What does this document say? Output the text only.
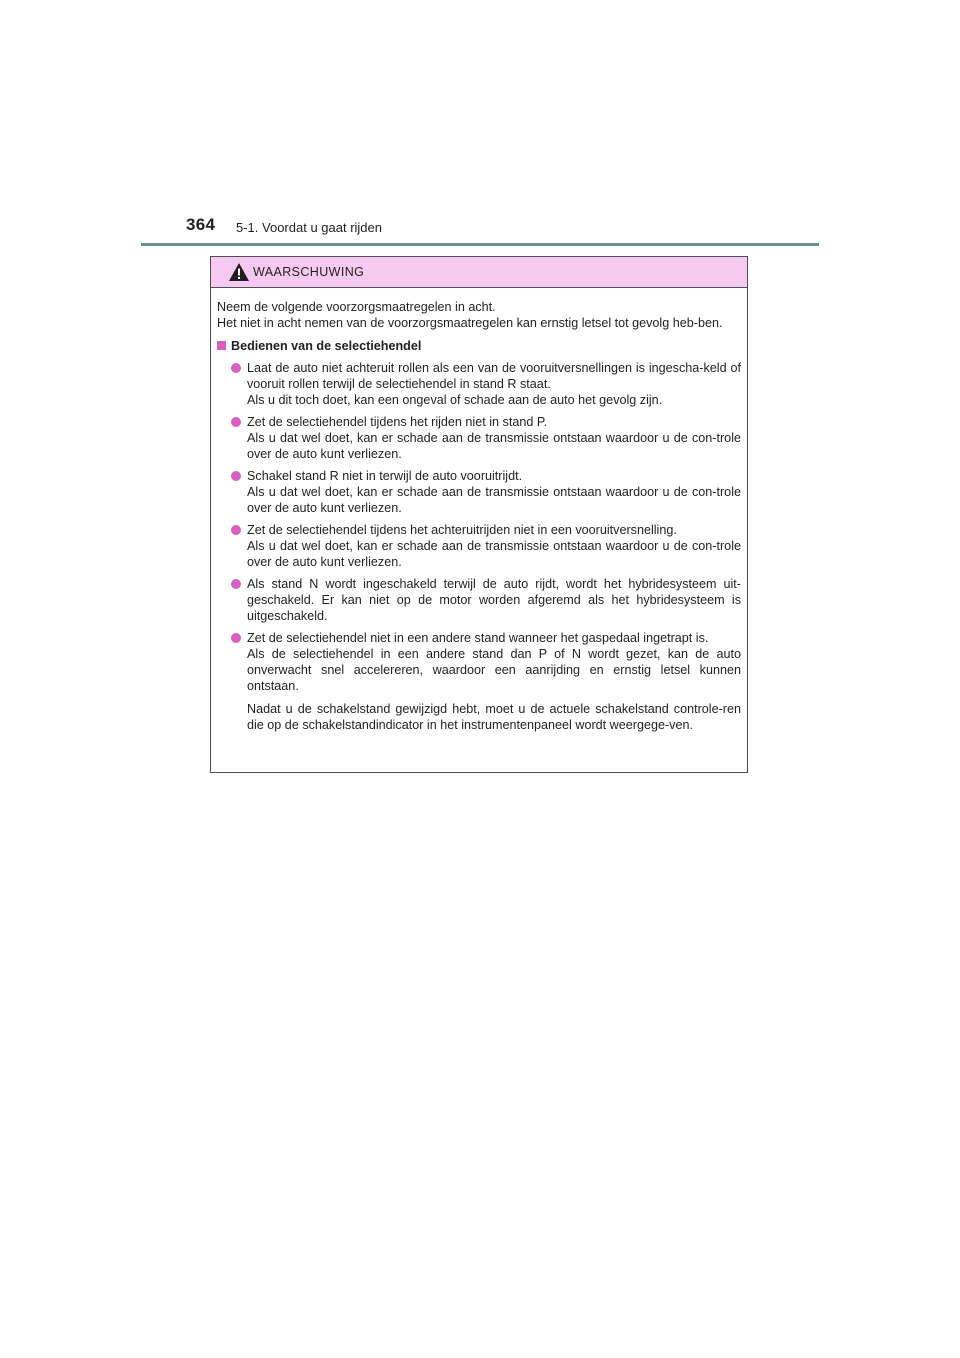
364 5-1. Voordat u gaat rijden
WAARSCHUWING

Neem de volgende voorzorgsmaatregelen in acht.

Het niet in acht nemen van de voorzorgsmaatregelen kan ernstig letsel tot gevolg heb-ben.

Bedienen van de selectiehendel

Laat de auto niet achteruit rollen als een van de vooruitversnellingen is ingescha-keld of vooruit rollen terwijl de selectiehendel in stand R staat.

Als u dit toch doet, kan een ongeval of schade aan de auto het gevolg zijn.

Zet de selectiehendel tijdens het rijden niet in stand P.

Als u dat wel doet, kan er schade aan de transmissie ontstaan waardoor u de con-trole over de auto kunt verliezen.

Schakel stand R niet in terwijl de auto vooruitrijdt.

Als u dat wel doet, kan er schade aan de transmissie ontstaan waardoor u de con-trole over de auto kunt verliezen.

Zet de selectiehendel tijdens het achteruitrijden niet in een vooruitversnelling.

Als u dat wel doet, kan er schade aan de transmissie ontstaan waardoor u de con-trole over de auto kunt verliezen.

Als stand N wordt ingeschakeld terwijl de auto rijdt, wordt het hybridesysteem uit-geschakeld. Er kan niet op de motor worden afgeremd als het hybridesysteem is uitgeschakeld.

Zet de selectiehendel niet in een andere stand wanneer het gaspedaal ingetrapt is.

Als de selectiehendel in een andere stand dan P of N wordt gezet, kan de auto onverwacht snel accelereren, waardoor een aanrijding en ernstig letsel kunnen ontstaan.

Nadat u de schakelstand gewijzigd hebt, moet u de actuele schakelstand controle-ren die op de schakelstandindicator in het instrumentenpaneel wordt weergege-ven.
